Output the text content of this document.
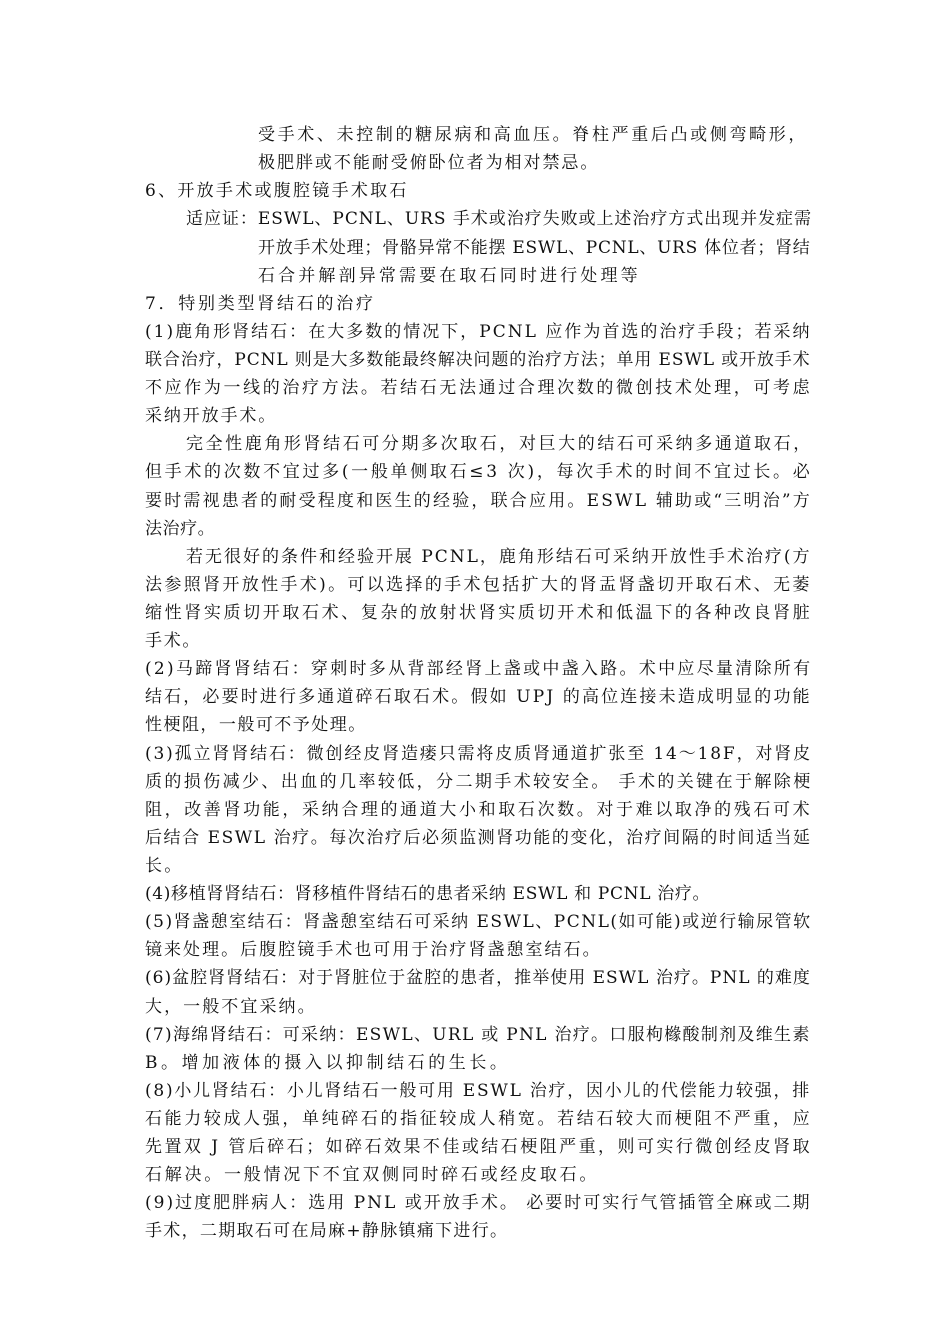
受手术、未控制的糖尿病和高血压。脊柱严重后凸或侧弯畸形，
极肥胖或不能耐受俯卧位者为相对禁忌。
6、开放手术或腹腔镜手术取石
适应证：ESWL、PCNL、URS 手术或治疗失败或上述治疗方式出现并发症需
开放手术处理；骨骼异常不能摆 ESWL、PCNL、URS 体位者；肾结
石合并解剖异常需要在取石同时进行处理等
7．特别类型肾结石的治疗
(1)鹿角形肾结石：在大多数的情况下，PCNL 应作为首选的治疗手段；若采纳
联合治疗，PCNL 则是大多数能最终解决问题的治疗方法；单用 ESWL 或开放手术
不应作为一线的治疗方法。若结石无法通过合理次数的微创技术处理，可考虑
采纳开放手术。
完全性鹿角形肾结石可分期多次取石，对巨大的结石可采纳多通道取石，
但手术的次数不宜过多(一般单侧取石≤3 次)，每次手术的时间不宜过长。必
要时需视患者的耐受程度和医生的经验，联合应用。ESWL 辅助或“三明治”方
法治疗。
若无很好的条件和经验开展 PCNL，鹿角形结石可采纳开放性手术治疗(方
法参照肾开放性手术)。可以选择的手术包括扩大的肾盂肾盏切开取石术、无萎
缩性肾实质切开取石术、复杂的放射状肾实质切开术和低温下的各种改良肾脏
手术。
(2)马蹄肾肾结石：穿刺时多从背部经肾上盏或中盏入路。术中应尽量清除所有
结石，必要时进行多通道碎石取石术。假如 UPJ 的高位连接未造成明显的功能
性梗阻，一般可不予处理。
(3)孤立肾肾结石：微创经皮肾造瘘只需将皮质肾通道扩张至 14～18F，对肾皮
质的损伤减少、出血的几率较低，分二期手术较安全。 手术的关键在于解除梗
阻，改善肾功能，采纳合理的通道大小和取石次数。对于难以取净的残石可术
后结合 ESWL 治疗。每次治疗后必须监测肾功能的变化，治疗间隔的时间适当延
长。
(4)移植肾肾结石：肾移植件肾结石的患者采纳 ESWL 和 PCNL 治疗。
(5)肾盏憩室结石：肾盏憩室结石可采纳 ESWL、PCNL(如可能)或逆行输尿管软
镜来处理。后腹腔镜手术也可用于治疗肾盏憩室结石。
(6)盆腔肾肾结石：对于肾脏位于盆腔的患者，推举使用 ESWL 治疗。PNL 的难度
大，一般不宜采纳。
(7)海绵肾结石：可采纳：ESWL、URL 或 PNL 治疗。口服枸橼酸制剂及维生素
B。增加液体的摄入以抑制结石的生长。
(8)小儿肾结石：小儿肾结石一般可用 ESWL 治疗，因小儿的代偿能力较强，排
石能力较成人强，单纯碎石的指征较成人稍宽。若结石较大而梗阻不严重，应
先置双 J 管后碎石；如碎石效果不佳或结石梗阻严重，则可实行微创经皮肾取
石解决。一般情况下不宜双侧同时碎石或经皮取石。
(9)过度肥胖病人：选用 PNL 或开放手术。 必要时可实行气管插管全麻或二期
手术，二期取石可在局麻+静脉镇痛下进行。
